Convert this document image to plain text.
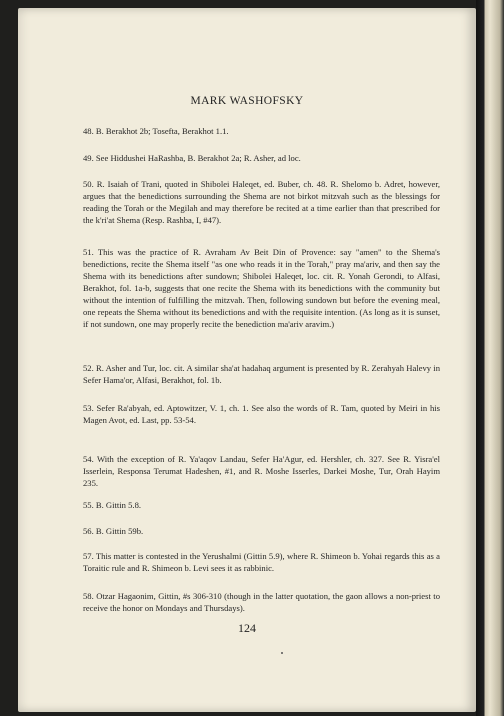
MARK WASHOFSKY

48. B. Berakhot 2b; Tosefta, Berakhot 1.1.

49. See Hiddushei HaRashba, B. Berakhot 2a; R. Asher, ad loc.

50. R. Isaiah of Trani, quoted in Shibolei Haleqet, ed. Buber, ch. 48. R. Shelomo b. Adret, however, argues that the benedictions surrounding the Shema are not birkot mitzvah such as the blessings for reading the Torah or the Megilah and may therefore be recited at a time earlier than that prescribed for the k'ri'at Shema (Resp. Rashba, I, #47).

51. This was the practice of R. Avraham Av Beit Din of Provence: say "amen" to the Shema's benedictions, recite the Shema itself "as one who reads it in the Torah," pray ma'ariv, and then say the Shema with its benedictions after sundown; Shibolei Haleqet, loc. cit. R. Yonah Gerondi, to Alfasi, Berakhot, fol. 1a-b, suggests that one recite the Shema with its benedictions with the community but without the intention of fulfilling the mitzvah. Then, following sundown but before the evening meal, one repeats the Shema without its benedictions and with the requisite intention. (As long as it is sunset, if not sundown, one may properly recite the benediction ma'ariv aravim.)

52. R. Asher and Tur, loc. cit. A similar sha'at hadahaq argument is presented by R. Zerahyah Halevy in Sefer Hama'or, Alfasi, Berakhot, fol. 1b.

53. Sefer Ra'abyah, ed. Aptowitzer, V. 1, ch. 1. See also the words of R. Tam, quoted by Meiri in his Magen Avot, ed. Last, pp. 53-54.

54. With the exception of R. Ya'aqov Landau, Sefer Ha'Agur, ed. Hershler, ch. 327. See R. Yisra'el Isserlein, Responsa Terumat Hadeshen, #1, and R. Moshe Isserles, Darkei Moshe, Tur, Orah Hayim 235.

55. B. Gittin 5.8.

56. B. Gittin 59b.

57. This matter is contested in the Yerushalmi (Gittin 5.9), where R. Shimeon b. Yohai regards this as a Toraitic rule and R. Shimeon b. Levi sees it as rabbinic.

58. Otzar Hagaonim, Gittin, #s 306-310 (though in the latter quotation, the gaon allows a non-priest to receive the honor on Mondays and Thursdays).

124
